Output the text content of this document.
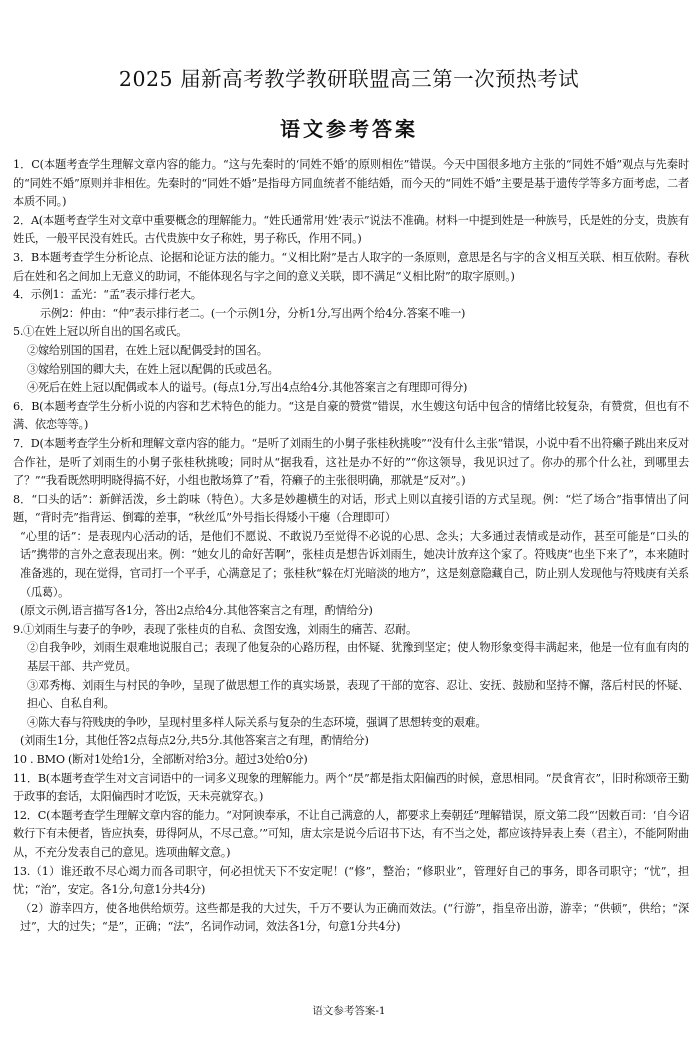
2025 届新高考教学教研联盟高三第一次预热考试
语文参考答案

1．C(本题考查学生理解文章内容的能力。“这与先秦时的‘同姓不婚’的原则相佐”错误。今天中国很多地方主张的“同姓不婚”观点与先秦时的“同姓不婚”原则并非相佐。先秦时的“同姓不婚”是指母方同血统者不能结婚，而今天的“同姓不婚”主要是基于遗传学等多方面考虑，二者本质不同。)

2．A(本题考查学生对文章中重要概念的理解能力。“姓氏通常用‘姓’表示”说法不准确。材料一中提到姓是一种族号，氏是姓的分支，贵族有姓氏，一般平民没有姓氏。古代贵族中女子称姓，男子称氏，作用不同。)

3．B本题考查学生分析论点、论据和论证方法的能力。“义相比附”是古人取字的一条原则，意思是名与字的含义相互关联、相互依附。春秋后在姓和名之间加上无意义的助词，不能体现名与字之间的意义关联，即不满足“义相比附”的取字原则。)

4．示例1：孟光：“孟”表示排行老大。

示例2：仲由：“仲”表示排行老二。(一个示例1分，分析1分,写出两个给4分.答案不唯一)

5.①在姓上冠以所自出的国名或氏。

②嫁给别国的国君，在姓上冠以配偶受封的国名。

③嫁给别国的卿大夫，在姓上冠以配偶的氏或邑名。

④死后在姓上冠以配偶或本人的谥号。(每点1分,写出4点给4分.其他答案言之有理即可得分)

6．B(本题考查学生分析小说的内容和艺术特色的能力。“这是自豪的赞赏”错误，水生嫂这句话中包含的情绪比较复杂，有赞赏，但也有不满、依恋等等。)

7．D(本题考查学生分析和理解文章内容的能力。“是听了刘雨生的小舅子张桂秋挑唆”“没有什么主张”错误，小说中看不出符癞子跳出来反对合作社，是听了刘雨生的小舅子张桂秋挑唆；同时从“据我看，这社是办不好的”“你这领导，我见识过了。你办的那个什么社，到哪里去了？”“我看既然明明晓得搞不好，小组也散场算了”看，符癞子的主张很明确，那就是“反对”。)

8．“口头的话”：新鲜活泼，乡土韵味（特色）。大多是妙趣横生的对话，形式上则以直接引语的方式呈现。例：“烂了场合”指事情出了问题，“背时壳”指背运、倒霉的差事，“秋丝瓜”外号指长得矮小干瘪（合理即可）

“心里的话”：是表现内心活动的话，是他们不愿说、不敢说乃至觉得不必说的心思、念头；大多通过表情或是动作，甚至可能是“口头的话”携带的言外之意表现出来。例：“她女儿的命好苦啊”，张桂贞是想告诉刘雨生，她决计放弃这个家了。符贱庚“也坐下来了”，本来随时准备逃的，现在觉得，官司打一个平手，心满意足了；张桂秋“躲在灯光暗淡的地方”，这是刻意隐藏自己，防止别人发现他与符贱庚有关系（瓜葛）。

(原文示例,语言描写各1分，答出2点给4分.其他答案言之有理，酌情给分)

9.①刘雨生与妻子的争吵，表现了张桂贞的自私、贪图安逸，刘雨生的痛苦、忍耐。

②自我争吵，刘雨生艰难地说服自己；表现了他复杂的心路历程，由怀疑、犹豫到坚定；使人物形象变得丰满起来，他是一位有血有肉的基层干部、共产党员。

③邓秀梅、刘雨生与村民的争吵，呈现了做思想工作的真实场景，表现了干部的宽容、忍让、安抚、鼓励和坚持不懈，落后村民的怀疑、担心、自私自利。

④陈大春与符贱庚的争吵，呈现村里多样人际关系与复杂的生态环境，强调了思想转变的艰难。

(刘雨生1分，其他任答2点每点2分,共5分.其他答案言之有理，酌情给分)

10 . BMO (断对1处给1分，全部断对给3分。超过3处给0分)

11．B(本题考查学生对文言词语中的一词多义现象的理解能力。两个“昃”都是指太阳偏西的时候，意思相同。“昃食宵衣”，旧时称颂帝王勤于政事的套话，太阳偏西时才吃饭，天未亮就穿衣。)

12．C(本题考查学生理解文章内容的能力。“对阿谀奉承，不让自己满意的人，都要求上奏朝廷”理解错误，原文第二段“‘因敕百司：‘自今诏敕行下有未便者，皆应执奏，毋得阿从，不尽己意。’”可知，唐太宗是说今后诏书下达，有不当之处，都应该持异表上奏（君主），不能阿附曲从，不充分发表自己的意见。选项曲解文意。)

13.（1）谁还敢不尽心竭力而各司职守，何必担忧天下不安定呢！(“修”，整治；“修职业”，管理好自己的事务，即各司职守；“忧”，担忧；“治”，安定。各1分,句意1分共4分)

（2）游幸四方，使各地供给烦劳。这些都是我的大过失，千万不要认为正确而效法。(“行游”，指皇帝出游，游幸；“供顿”，供给；“深过”，大的过失；“是”，正确；“法”，名词作动词，效法各1分，句意1分共4分)

语文参考答案-1
